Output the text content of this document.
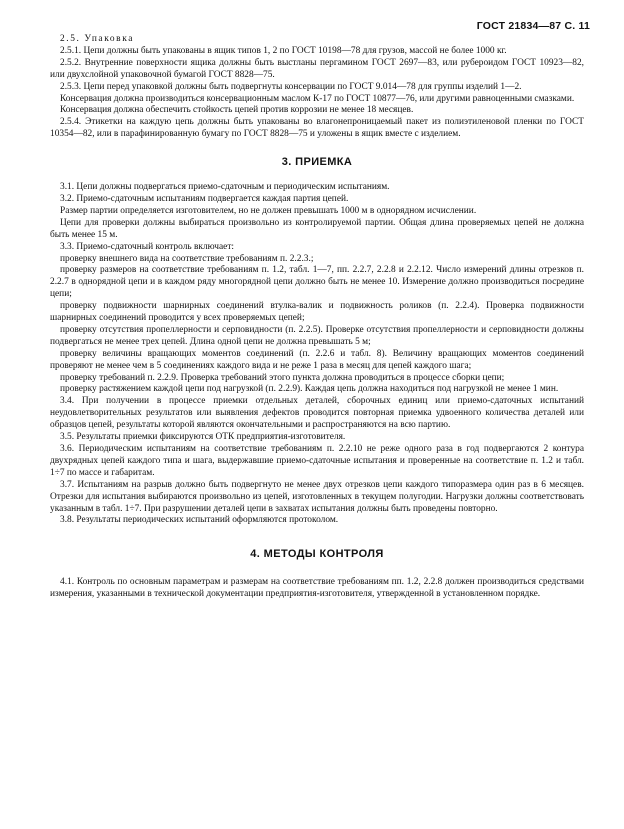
ГОСТ 21834—87 С. 11

2.5. Упаковка

2.5.1. Цепи должны быть упакованы в ящик типов 1, 2 по ГОСТ 10198—78 для грузов, массой не более 1000 кг.

2.5.2. Внутренние поверхности ящика должны быть выстланы пергамином ГОСТ 2697—83, или рубероидом ГОСТ 10923—82, или двухслойной упаковочной бумагой ГОСТ 8828—75.

2.5.3. Цепи перед упаковкой должны быть подвергнуты консервации по ГОСТ 9.014—78 для группы изделий 1—2.

Консервация должна производиться консервационным маслом К-17 по ГОСТ 10877—76, или другими равноценными смазками.

Консервация должна обеспечить стойкость цепей против коррозии не менее 18 месяцев.

2.5.4. Этикетки на каждую цепь должны быть упакованы во влагонепроницаемый пакет из полиэтиленовой пленки по ГОСТ 10354—82, или в парафинированную бумагу по ГОСТ 8828—75 и уложены в ящик вместе с изделием.

3. ПРИЕМКА

3.1. Цепи должны подвергаться приемо-сдаточным и периодическим испытаниям.

3.2. Приемо-сдаточным испытаниям подвергается каждая партия цепей.

Размер партии определяется изготовителем, но не должен превышать 1000 м в однорядном исчислении.

Цепи для проверки должны выбираться произвольно из контролируемой партии. Общая длина проверяемых цепей не должна быть менее 15 м.

3.3. Приемо-сдаточный контроль включает:

проверку внешнего вида на соответствие требованиям п. 2.2.3.;

проверку размеров на соответствие требованиям п. 1.2, табл. 1—7, пп. 2.2.7, 2.2.8 и 2.2.12. Число измерений длины отрезков п. 2.2.7 в однорядной цепи и в каждом ряду многорядной цепи должно быть не менее 10. Измерение должно производиться посредине цепи;

проверку подвижности шарнирных соединений втулка-валик и подвижность роликов (п. 2.2.4). Проверка подвижности шарнирных соединений проводится у всех проверяемых цепей;

проверку отсутствия пропеллерности и серповидности (п. 2.2.5). Проверке отсутствия пропеллерности и серповидности должны подвергаться не менее трех цепей. Длина одной цепи не должна превышать 5 м;

проверку величины вращающих моментов соединений (п. 2.2.6 и табл. 8). Величину вращающих моментов соединений проверяют не менее чем в 5 соединениях каждого вида и не реже 1 раза в месяц для цепей каждого шага;

проверку требований п. 2.2.9. Проверка требований этого пункта должна проводиться в процессе сборки цепи;

проверку растяжением каждой цепи под нагрузкой (п. 2.2.9). Каждая цепь должна находиться под нагрузкой не менее 1 мин.

3.4. При получении в процессе приемки отдельных деталей, сборочных единиц или приемо-сдаточных испытаний неудовлетворительных результатов или выявления дефектов проводится повторная приемка удвоенного количества деталей или образцов цепей, результаты которой являются окончательными и распространяются на всю партию.

3.5. Результаты приемки фиксируются ОТК предприятия-изготовителя.

3.6. Периодическим испытаниям на соответствие требованиям п. 2.2.10 не реже одного раза в год подвергаются 2 контура двухрядных цепей каждого типа и шага, выдержавшие приемо-сдаточные испытания и проверенные на соответствие п. 1.2 и табл. 1÷7 по массе и габаритам.

3.7. Испытаниям на разрыв должно быть подвергнуто не менее двух отрезков цепи каждого типоразмера один раз в 6 месяцев. Отрезки для испытания выбираются произвольно из цепей, изготовленных в текущем полугодии. Нагрузки должны соответствовать указанным в табл. 1÷7. При разрушении деталей цепи в захватах испытания должны быть проведены повторно.

3.8. Результаты периодических испытаний оформляются протоколом.

4. МЕТОДЫ КОНТРОЛЯ

4.1. Контроль по основным параметрам и размерам на соответствие требованиям пп. 1.2, 2.2.8 должен производиться средствами измерения, указанными в технической документации предприятия-изготовителя, утвержденной в установленном порядке.
